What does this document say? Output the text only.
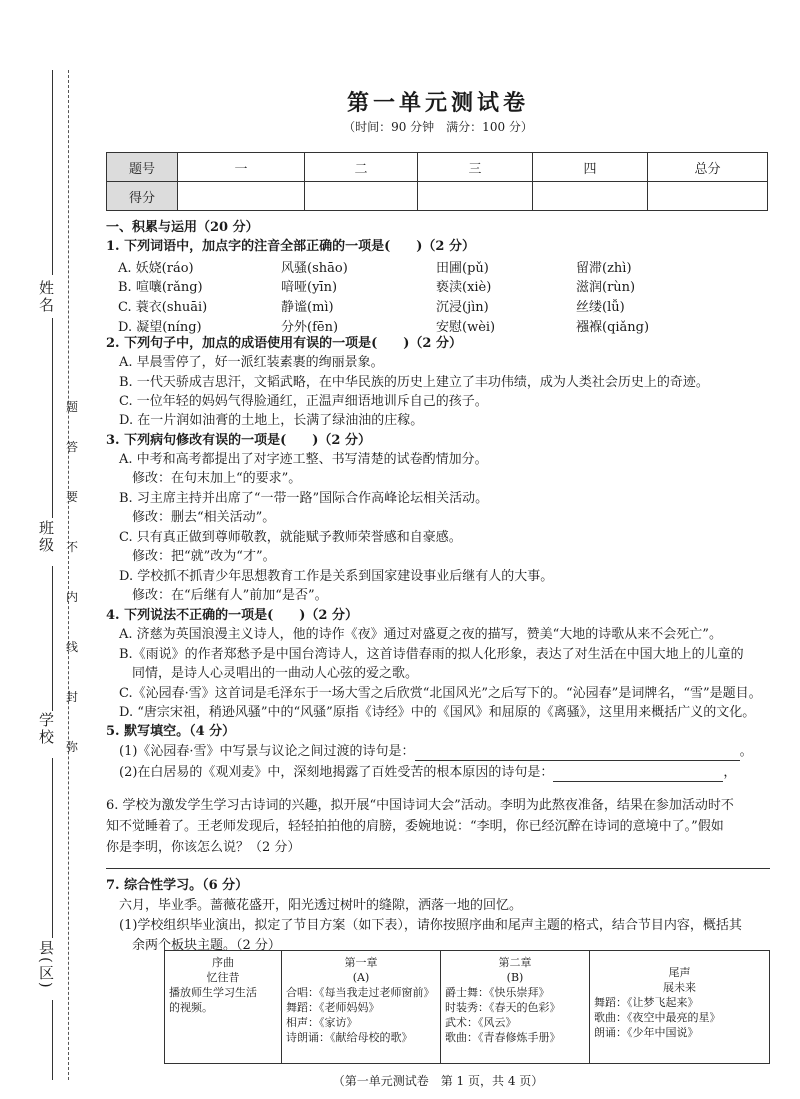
姓名
班级
学校
县(区)
题
答
要
不
内
线
封
弥
第一单元测试卷
（时间：90 分钟　满分：100 分）
题号	一	二	三	四	总分
得分					
一、积累与运用（20 分）
1. 下列词语中，加点字的注音全部正确的一项是(　　)（2 分）
A. 妖娆(ráo)	风骚(shāo)	田圃(pǔ)	留滞(zhì)
B. 喧嚷(rǎng)	喑哑(yīn)	亵渎(xiè)	滋润(rùn)
C. 蓑衣(shuāi)	静谧(mì)	沉浸(jìn)	丝缕(lǚ)
D. 凝望(níng)	分外(fēn)	安慰(wèi)	襁褓(qiǎng)
2. 下列句子中，加点的成语使用有误的一项是(　　)（2 分）
　A. 早晨雪停了，好一派红装素裹的绚丽景象。
　B. 一代天骄成吉思汗，文韬武略，在中华民族的历史上建立了丰功伟绩，成为人类社会历史上的奇迹。
　C. 一位年轻的妈妈气得脸通红，正温声细语地训斥自己的孩子。
　D. 在一片润如油膏的土地上，长满了绿油油的庄稼。
3. 下列病句修改有误的一项是(　　)（2 分）
　A. 中考和高考都提出了对字迹工整、书写清楚的试卷酌情加分。
　　修改：在句末加上“的要求”。
　B. 习主席主持并出席了“一带一路”国际合作高峰论坛相关活动。
　　修改：删去“相关活动”。
　C. 只有真正做到尊师敬教，就能赋予教师荣誉感和自豪感。
　　修改：把“就”改为“才”。
　D. 学校抓不抓青少年思想教育工作是关系到国家建设事业后继有人的大事。
　　修改：在“后继有人”前加“是否”。
4. 下列说法不正确的一项是(　　)（2 分）
　A. 济慈为英国浪漫主义诗人，他的诗作《夜》通过对盛夏之夜的描写，赞美“大地的诗歌从来不会死亡”。
　B.《雨说》的作者郑愁予是中国台湾诗人，这首诗借春雨的拟人化形象，表达了对生活在中国大地上的儿童的
　　同情，是诗人心灵唱出的一曲动人心弦的爱之歌。
　C.《沁园春·雪》这首词是毛泽东于一场大雪之后欣赏“北国风光”之后写下的。“沁园春”是词牌名，“雪”是题目。
　D. “唐宗宋祖，稍逊风骚”中的“风骚”原指《诗经》中的《国风》和屈原的《离骚》，这里用来概括广义的文化。
5. 默写填空。（4 分）
　(1)《沁园春·雪》中写景与议论之间过渡的诗句是：	。
　(2)在白居易的《观刈麦》中，深刻地揭露了百姓受苦的根本原因的诗句是：	，
6. 学校为激发学生学习古诗词的兴趣，拟开展“中国诗词大会”活动。李明为此熬夜准备，结果在参加活动时不
知不觉睡着了。王老师发现后，轻轻拍拍他的肩膀，委婉地说：“李明，你已经沉醉在诗词的意境中了。”假如
你是李明，你该怎么说？（2 分）
7. 综合性学习。（6 分）
　六月，毕业季。蔷薇花盛开，阳光透过树叶的缝隙，洒落一地的回忆。
　(1)学校组织毕业演出，拟定了节目方案（如下表），请你按照序曲和尾声主题的格式，结合节目内容，概括其
　　余两个板块主题。（2 分）
序曲
忆往昔
播放师生学习生活
的视频。

第一章
(A)
合唱：《每当我走过老师窗前》
舞蹈：《老师妈妈》
相声：《家访》
诗朗诵：《献给母校的歌》

第二章
(B)
爵士舞：《快乐崇拜》
时装秀：《春天的色彩》
武术：《风云》
歌曲：《青春修炼手册》

尾声
展未来
舞蹈：《让梦飞起来》
歌曲：《夜空中最亮的星》
朗诵：《少年中国说》
（第一单元测试卷　第 1 页，共 4 页）
